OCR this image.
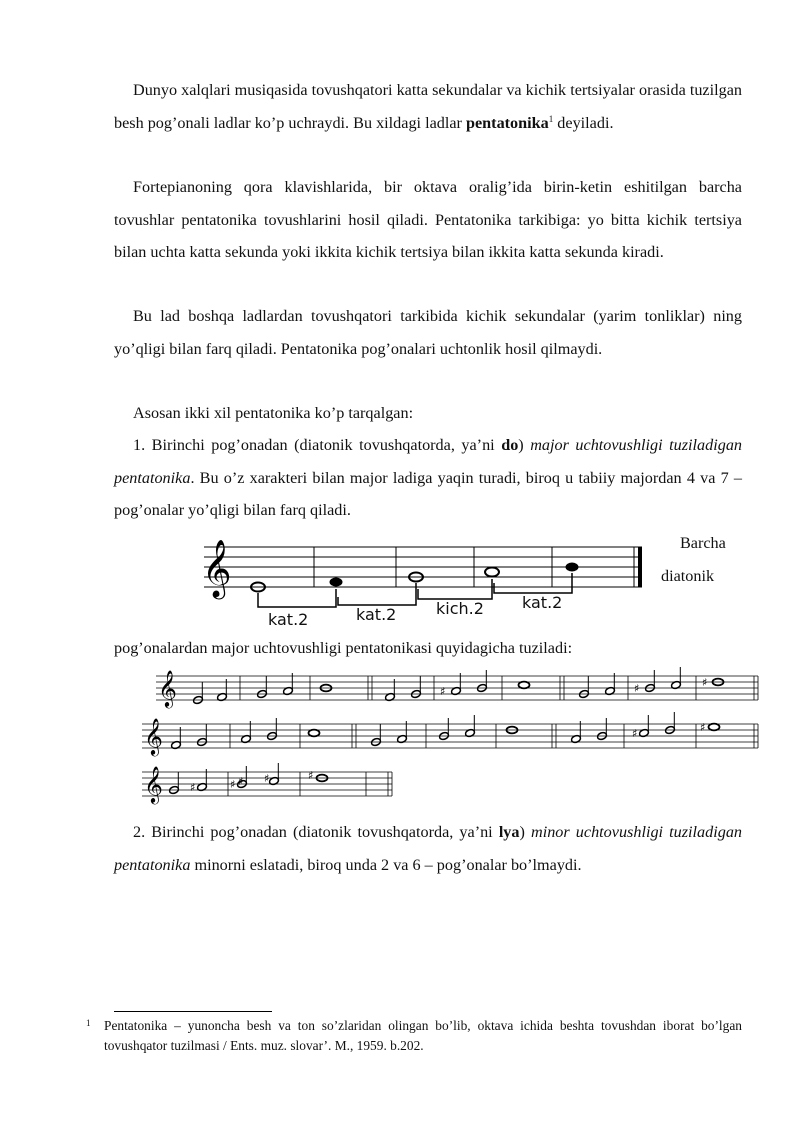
Dunyo xalqlari musiqasida tovushqatori katta sekundalar va kichik tertsiyalar orasida tuzilgan besh pog’onali ladlar ko’p uchraydi. Bu xildagi ladlar pentatonika$^1$ deyiladi.

Fortepianoning qora klavishlarida, bir oktava oralig’ida birin-ketin eshitilgan barcha tovushlar pentatonika tovushlarini hosil qiladi. Pentatonika tarkibiga: yo bitta kichik tertsiya bilan uchta katta sekunda yoki ikkita kichik tertsiya bilan ikkita katta sekunda kiradi.

Bu lad boshqa ladlardan tovushqatori tarkibida kichik sekundalar (yarim tonliklar) ning yo’qligi bilan farq qiladi. Pentatonika pog’onalari uchtonlik hosil qilmaydi.

Asosan ikki xil pentatonika ko’p tarqalgan:

1. Birinchi pog’onadan (diatonik tovushqatorda, ya’ni do) major uchtovushligi tuziladigan pentatonika. Bu o’z xarakteri bilan major ladiga yaqin turadi, biroq u tabiiy majordan 4 va 7 – pog’onalar yo’qligi bilan farq qiladi.

Barcha
diatonik
𝄞
kat.2	kat.2 kich.2 kat.2

pog’onalardan major uchtovushligi pentatonikasi quyidagicha tuziladi:

𝄞	♯	♯	♯
𝄞	♯	♯
𝄞 ♯	♯ ♯ ♯	♯

2. Birinchi pog’onadan (diatonik tovushqatorda, ya’ni lya) minor uchtovushligi tuziladigan pentatonika minorni eslatadi, biroq unda 2 va 6 – pog’onalar bo’lmaydi.

1 Pentatonika – yunoncha besh va ton so’zlaridan olingan bo’lib, oktava ichida beshta tovushdan iborat bo’lgan tovushqator tuzilmasi / Ents. muz. slovar’. M., 1959. b.202.
